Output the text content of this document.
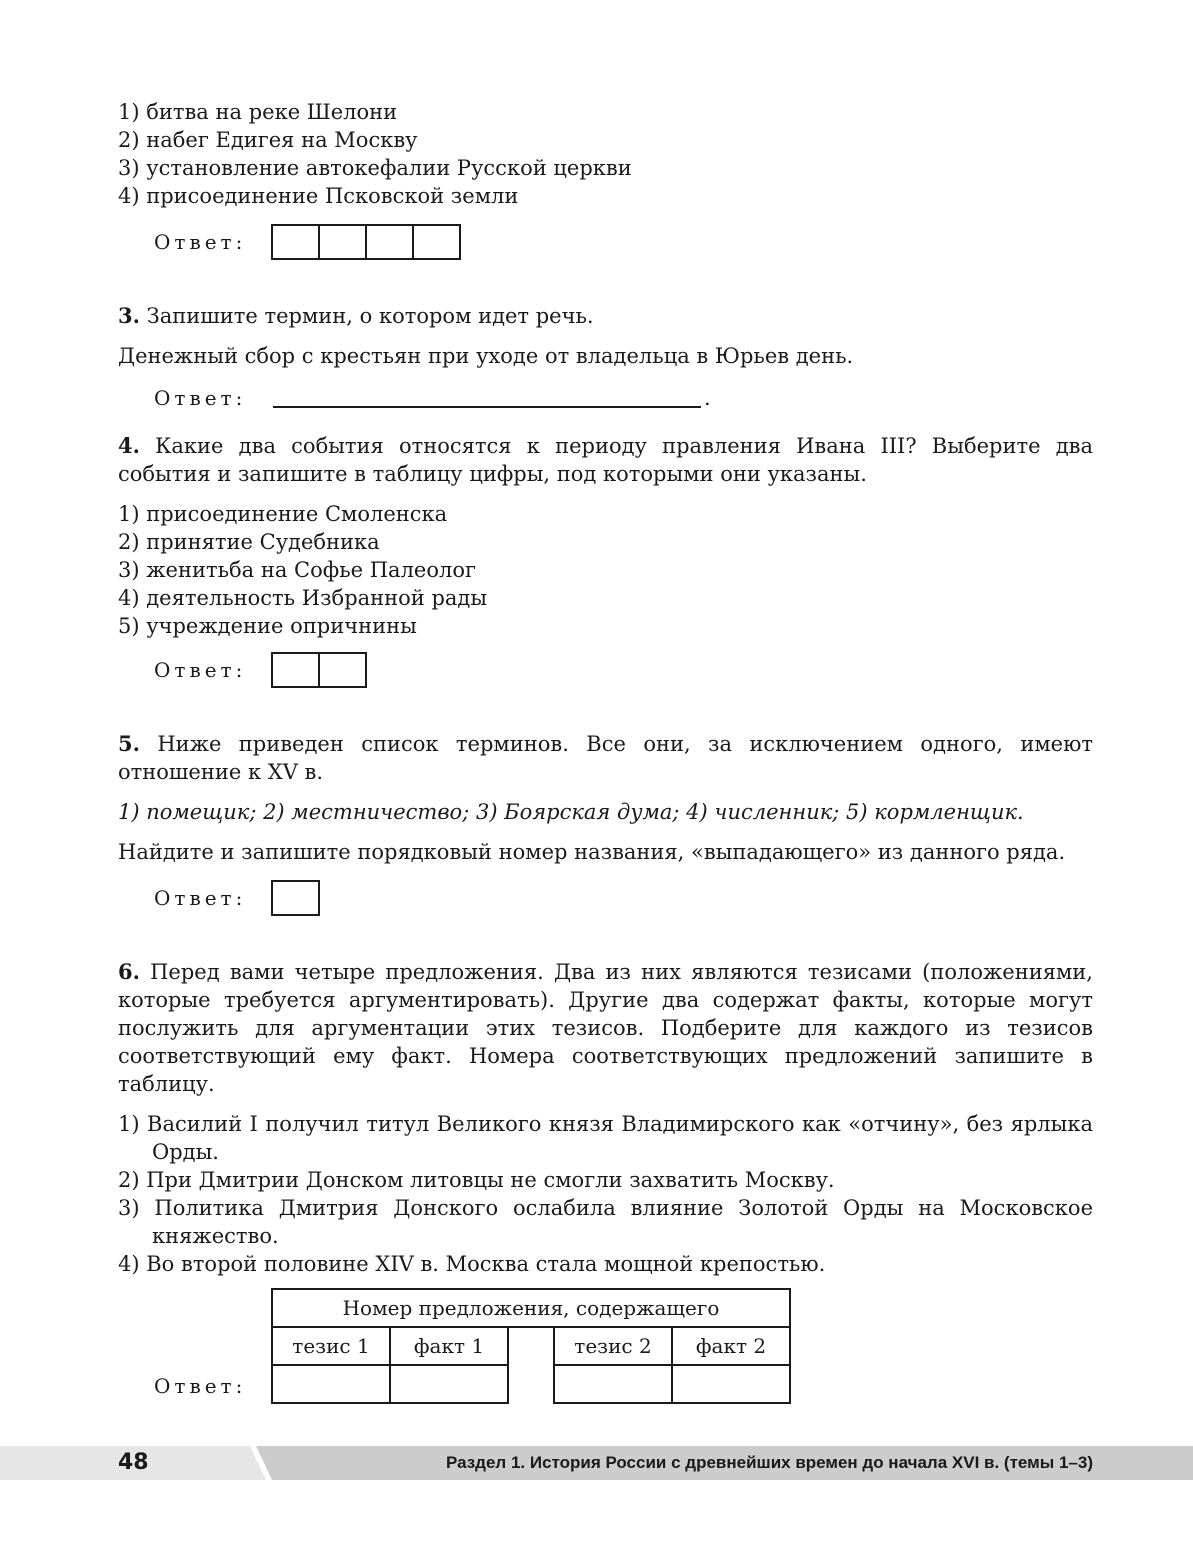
1) битва на реке Шелони
2) набег Едигея на Москву
3) установление автокефалии Русской церкви
4) присоединение Псковской земли
Ответ:
3. Запишите термин, о котором идет речь.
Денежный сбор с крестьян при уходе от владельца в Юрьев день.
Ответ:	.
4. Какие два события относятся к периоду правления Ивана III? Выберите два события и запишите в таблицу цифры, под которыми они указаны.
1) присоединение Смоленска
2) принятие Судебника
3) женитьба на Софье Палеолог
4) деятельность Избранной рады
5) учреждение опричнины
Ответ:
5. Ниже приведен список терминов. Все они, за исключением одного, имеют отношение к XV в.
1) помещик; 2) местничество; 3) Боярская дума; 4) численник; 5) кормленщик.
Найдите и запишите порядковый номер названия, «выпадающего» из данного ряда.
Ответ:
6. Перед вами четыре предложения. Два из них являются тезисами (положениями, которые требуется аргументировать). Другие два содержат факты, которые могут послужить для аргументации этих тезисов. Подберите для каждого из тезисов соответствующий ему факт. Номера соответствующих предложений запишите в таблицу.
1) Василий I получил титул Великого князя Владимирского как «отчину», без ярлыка Орды.
2) При Дмитрии Донском литовцы не смогли захватить Москву.
3) Политика Дмитрия Донского ослабила влияние Золотой Орды на Московское княжество.
4) Во второй половине XIV в. Москва стала мощной крепостью.
Ответ:
Номер предложения, содержащего				
тезис 1	факт 1		тезис 2	факт 2

48	Раздел 1. История России с древнейших времен до начала XVI в. (темы 1–3)
